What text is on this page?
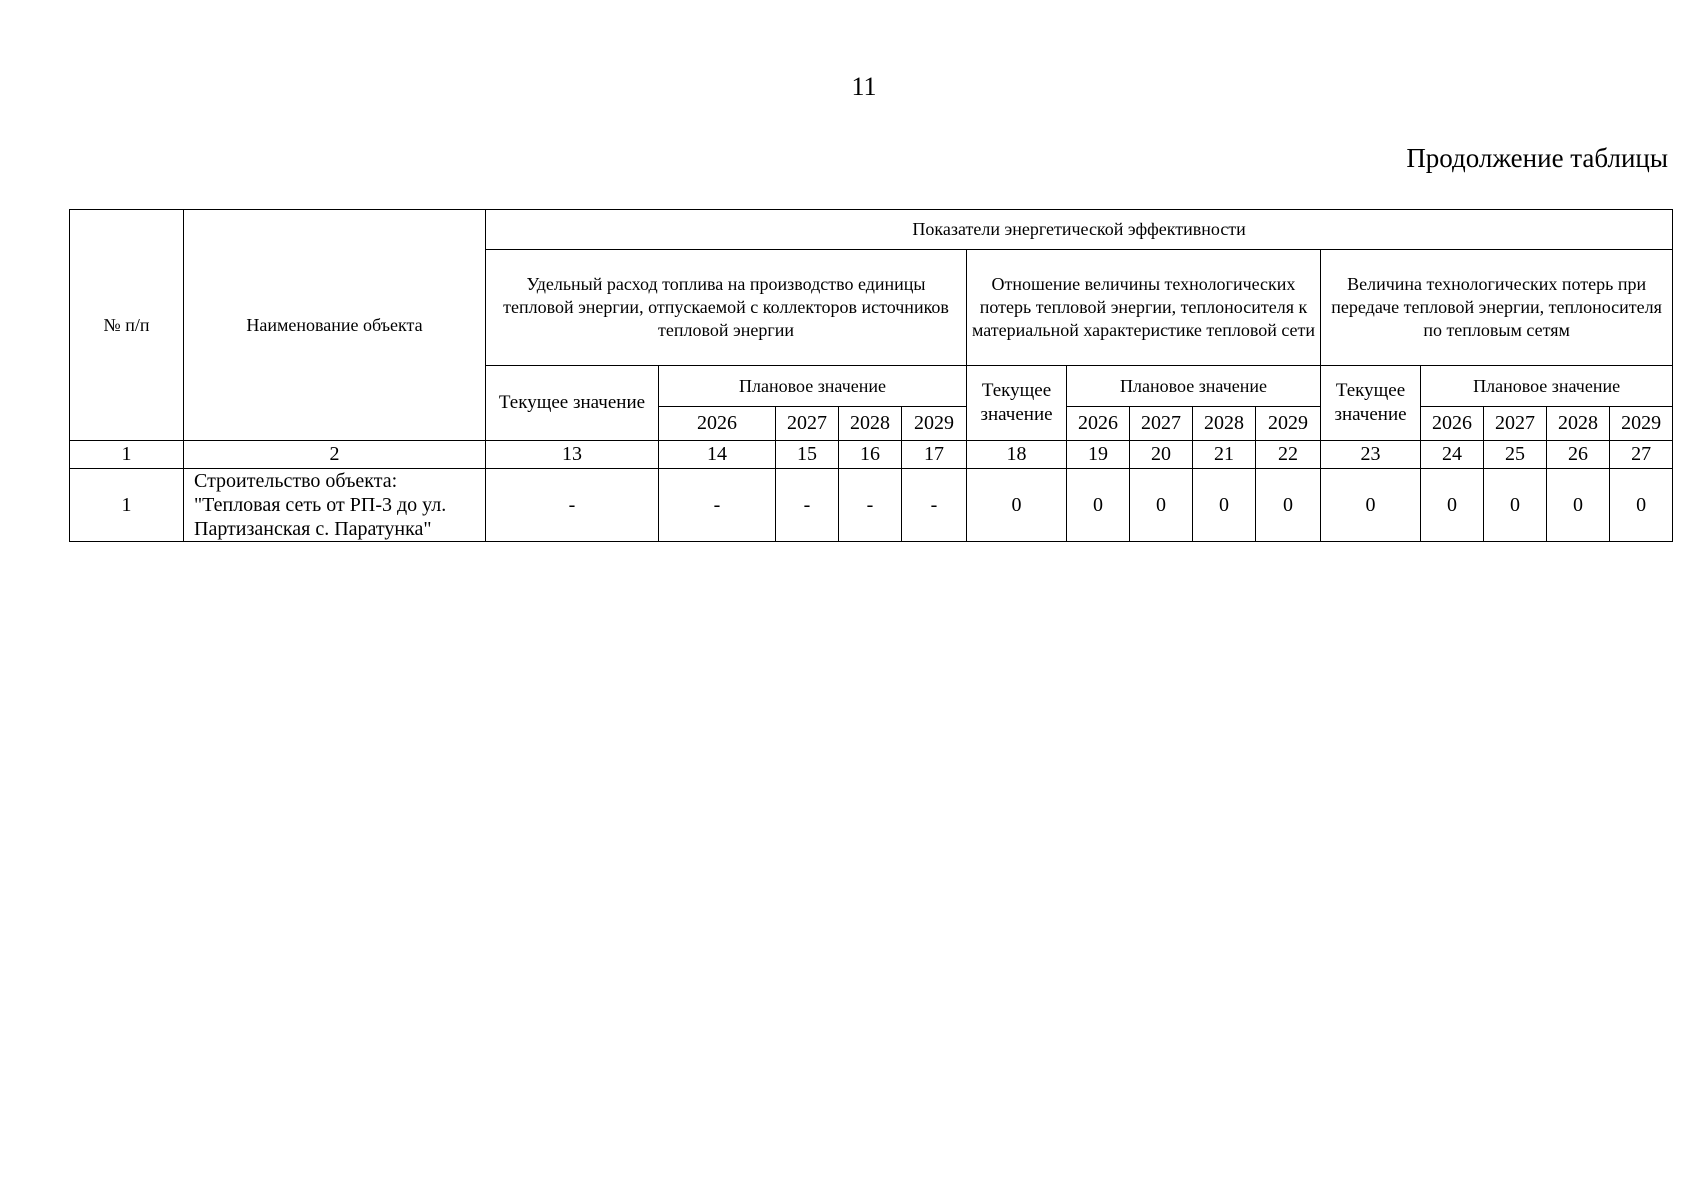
11
Продолжение таблицы
№ п/п	Наименование объекта	Показатели энергетической эффективности														
		Удельный расход топлива на производство единицы тепловой энергии, отпускаемой с коллекторов источников тепловой энергии					Отношение величины технологических потерь тепловой энергии, теплоносителя к материальной характеристике тепловой сети					Величина технологических потерь при передаче тепловой энергии, теплоносителя по тепловым сетям				
		Текущее значение	Плановое значение				Текущее значение	Плановое значение				Текущее значение	Плановое значение			
			2026	2027	2028	2029		2026	2027	2028	2029		2026	2027	2028	2029
1	2	13	14	15	16	17	18	19	20	21	22	23	24	25	26	27
1	Строительство объекта:
"Тепловая сеть от РП-3 до ул.
Партизанская с. Паратунка"	-	-	-	-	-	0	0	0	0	0	0	0	0	0	0
